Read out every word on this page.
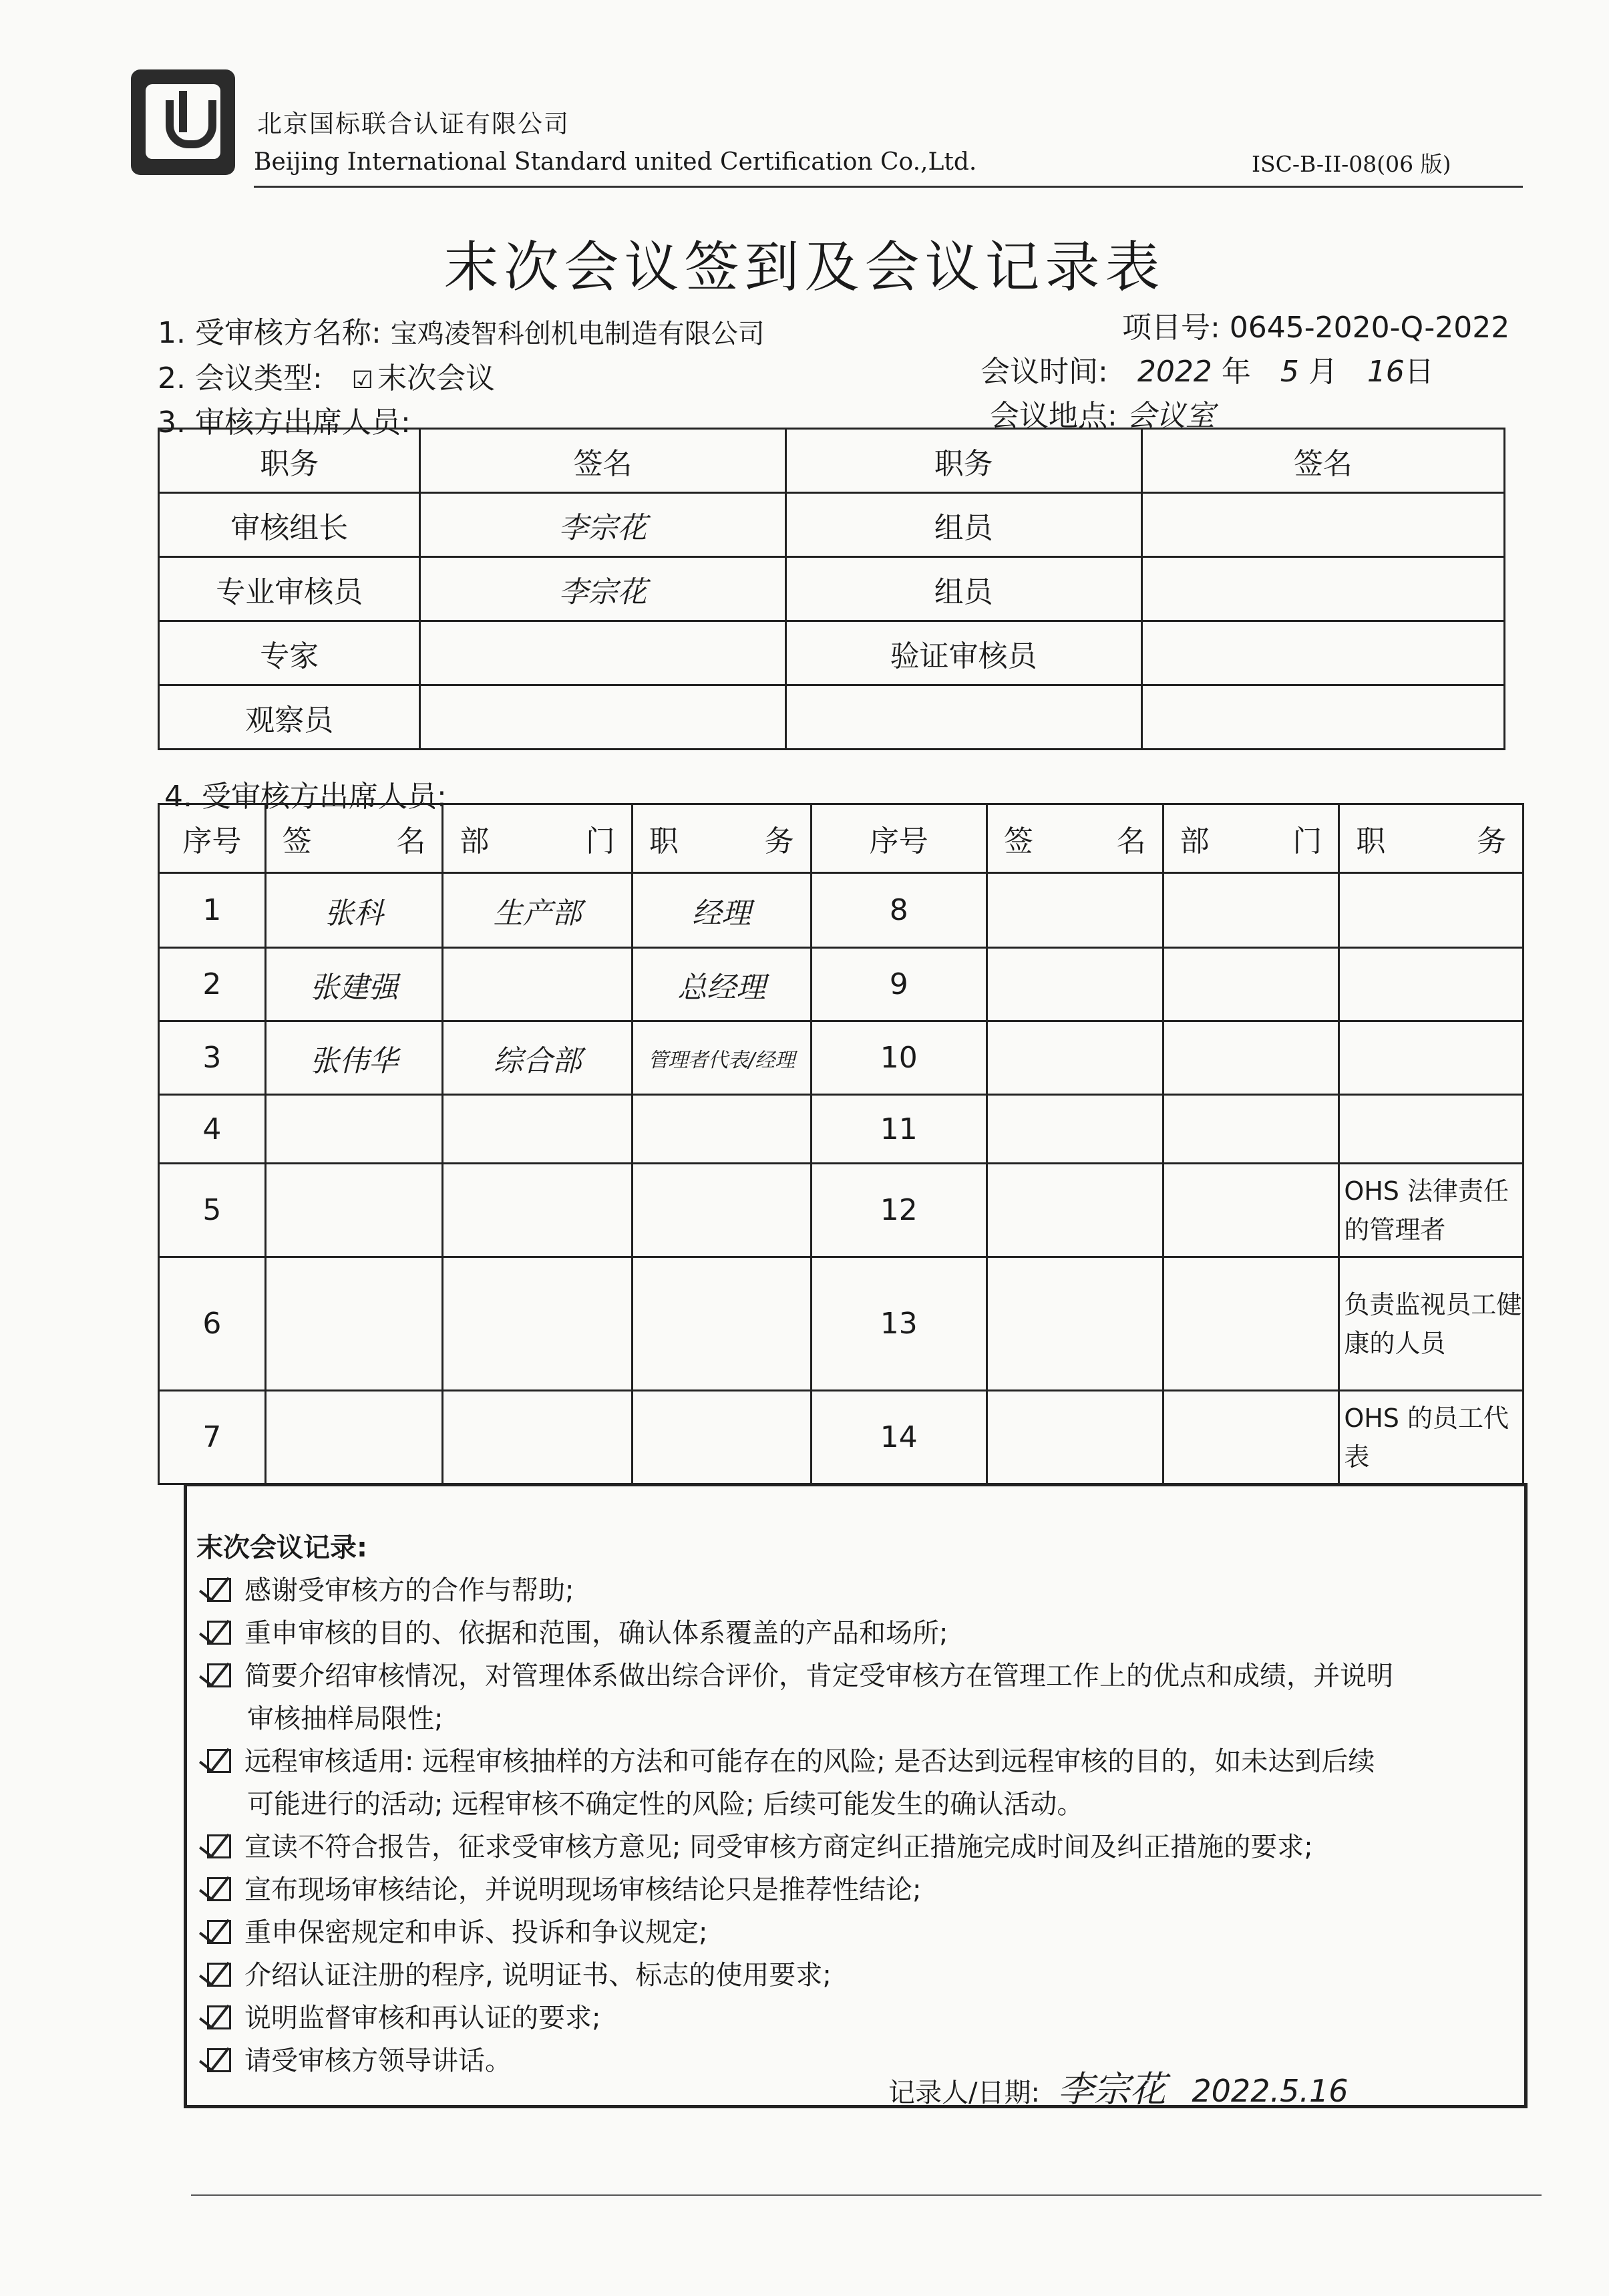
北京国标联合认证有限公司
Beijing International Standard united Certification Co.,Ltd.	ISC-B-II-08(06 版)
末次会议签到及会议记录表
1. 受审核方名称: 宝鸡凌智科创机电制造有限公司	项目号: 0645-2020-Q-2022
2. 会议类型: ☑ 末次会议	会议时间: 2022 年 5 月 16日
3. 审核方出席人员:	会议地点: 会议室
职务	签名	职务	签名
审核组长	李宗花	组员	
专业审核员	李宗花	组员	
专家		验证审核员	
观察员			
4. 受审核方出席人员:
序号	签 名	部 门	职 务	序号	签 名	部 门	职 务

1	张科	生产部	经理	8			
2	张建强		总经理	9			
3	张伟华	综合部	管理者代表/经理	10			
4				11			
5				12			OHS 法律责任的管理者
6				13			负责监视员工健康的人员
7				14			OHS 的员工代表
末次会议记录:
感谢受审核方的合作与帮助;
重申审核的目的、依据和范围，确认体系覆盖的产品和场所;
简要介绍审核情况，对管理体系做出综合评价，肯定受审核方在管理工作上的优点和成绩，并说明
审核抽样局限性;
远程审核适用: 远程审核抽样的方法和可能存在的风险; 是否达到远程审核的目的，如未达到后续
可能进行的活动; 远程审核不确定性的风险; 后续可能发生的确认活动。
宣读不符合报告，征求受审核方意见; 同受审核方商定纠正措施完成时间及纠正措施的要求;
宣布现场审核结论，并说明现场审核结论只是推荐性结论;
重申保密规定和申诉、投诉和争议规定;
介绍认证注册的程序, 说明证书、标志的使用要求;
说明监督审核和再认证的要求;
请受审核方领导讲话。
记录人/日期: 李宗花 2022.5.16
